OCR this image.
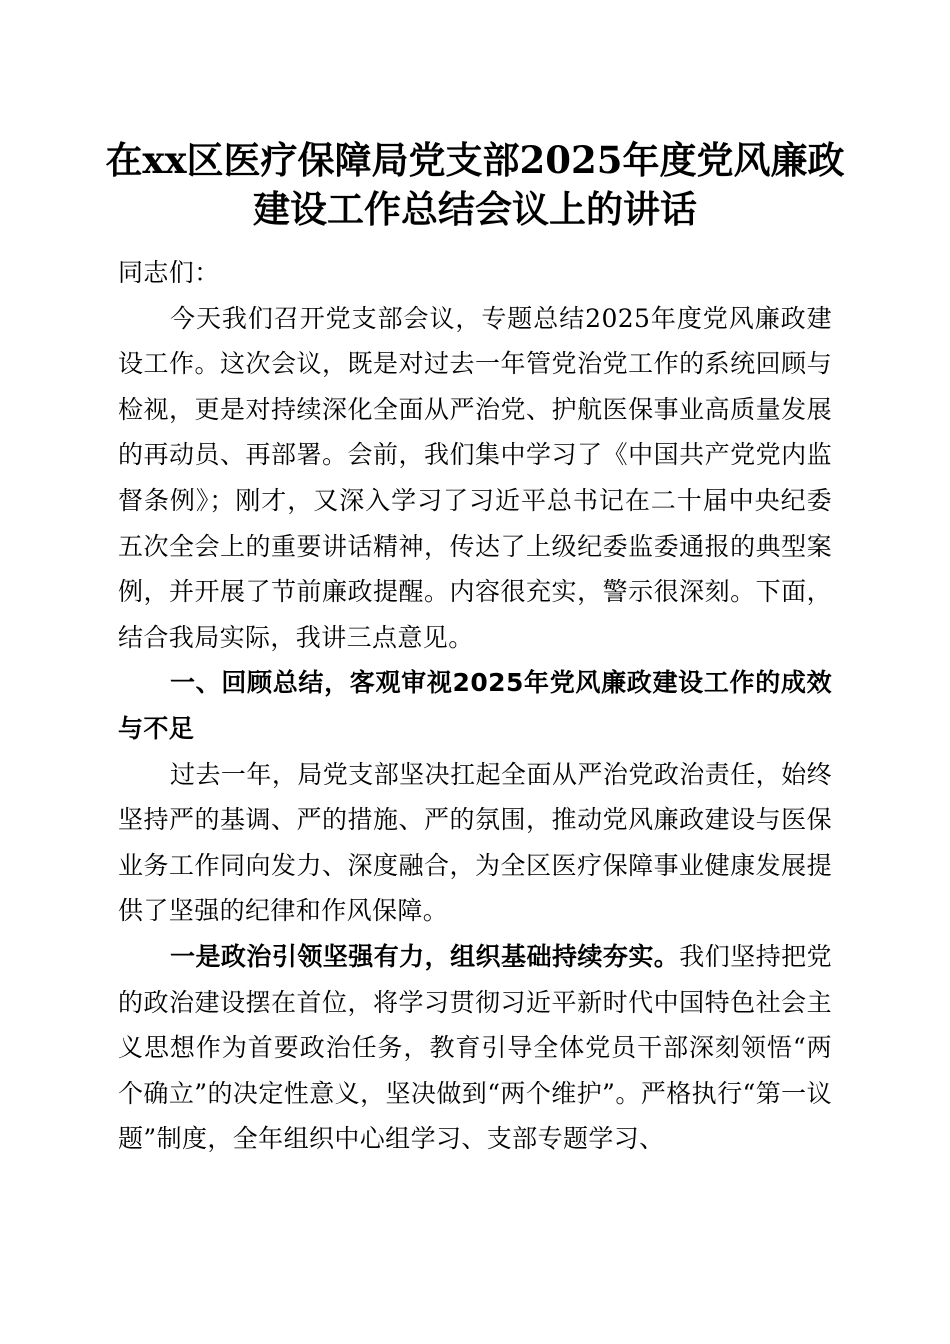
在xx区医疗保障局党支部2025年度党风廉政
建设工作总结会议上的讲话

同志们：

今天我们召开党支部会议，专题总结2025年度党风廉政建设工作。这次会议，既是对过去一年管党治党工作的系统回顾与检视，更是对持续深化全面从严治党、护航医保事业高质量发展的再动员、再部署。会前，我们集中学习了《中国共产党党内监督条例》；刚才，又深入学习了习近平总书记在二十届中央纪委五次全会上的重要讲话精神，传达了上级纪委监委通报的典型案例，并开展了节前廉政提醒。内容很充实，警示很深刻。下面，结合我局实际，我讲三点意见。

一、回顾总结，客观审视2025年党风廉政建设工作的成效与不足

过去一年，局党支部坚决扛起全面从严治党政治责任，始终坚持严的基调、严的措施、严的氛围，推动党风廉政建设与医保业务工作同向发力、深度融合，为全区医疗保障事业健康发展提供了坚强的纪律和作风保障。

一是政治引领坚强有力，组织基础持续夯实。我们坚持把党的政治建设摆在首位，将学习贯彻习近平新时代中国特色社会主义思想作为首要政治任务，教育引导全体党员干部深刻领悟“两个确立”的决定性意义，坚决做到“两个维护”。严格执行“第一议题”制度，全年组织中心组学习、支部专题学习、
